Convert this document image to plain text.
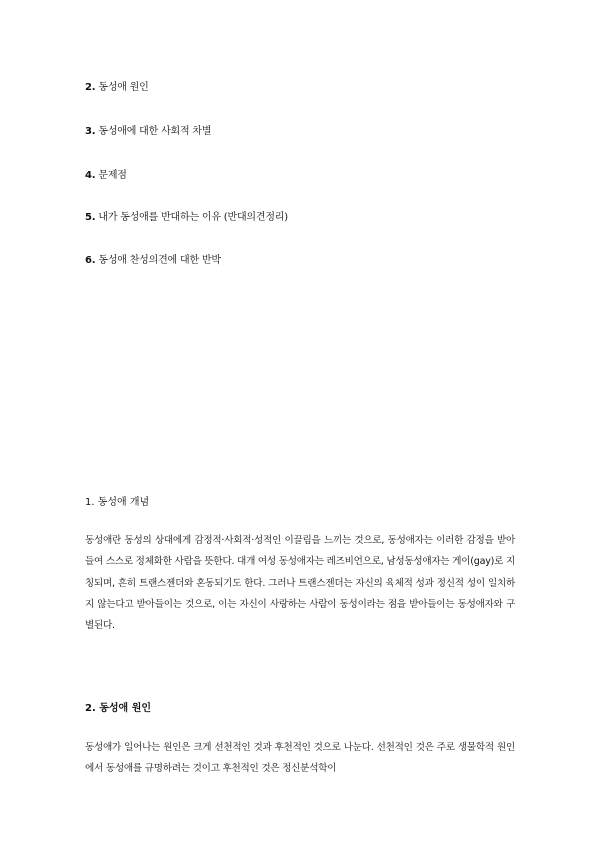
2. 동성애 원인
3. 동성애에 대한 사회적 차별
4. 문제점
5. 내가 동성애를 반대하는 이유 (반대의견정리)
6. 동성애 찬성의견에 대한 반박
1. 동성애 개념
동성애란 동성의 상대에게 감정적·사회적·성적인 이끌림을 느끼는 것으로, 동성애자는 이러한 감정을 받아들여 스스로 정체화한 사람을 뜻한다. 대개 여성 동성애자는 레즈비언으로, 남성동성애자는 게이(gay)로 지칭되며, 흔히 트랜스젠더와 혼동되기도 한다. 그러나 트랜스젠더는 자신의 육체적 성과 정신적 성이 일치하지 않는다고 받아들이는 것으로, 이는 자신이 사랑하는 사람이 동성이라는 점을 받아들이는 동성애자와 구별된다.
2. 동성애 원인
동성애가 일어나는 원인은 크게 선천적인 것과 후천적인 것으로 나눈다. 선천적인 것은 주로 생물학적 원인에서 동성애를 규명하려는 것이고 후천적인 것은 정신분석학이
